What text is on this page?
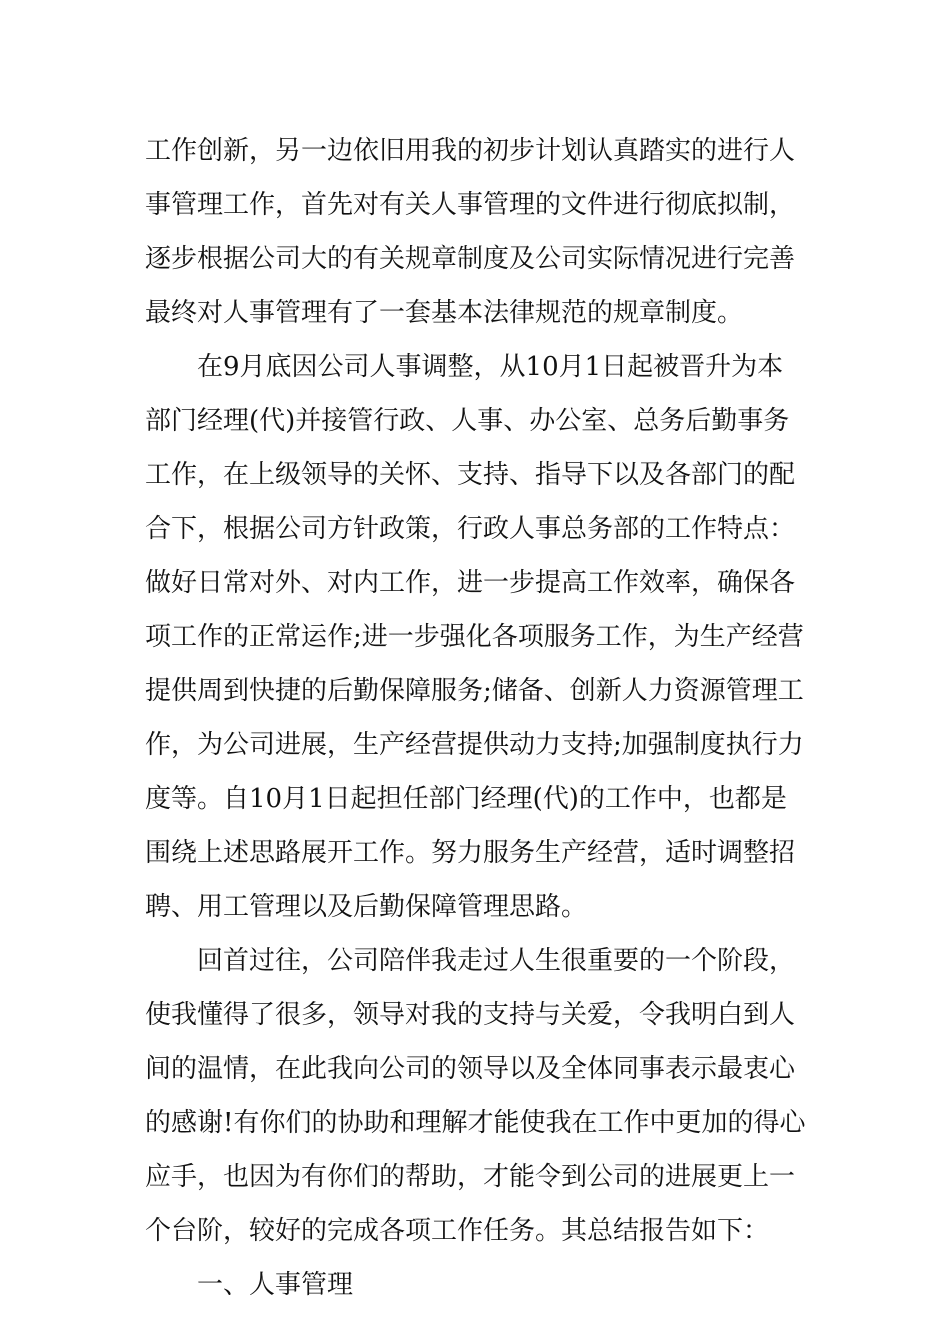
工作创新，另一边依旧用我的初步计划认真踏实的进行人
事管理工作，首先对有关人事管理的文件进行彻底拟制，
逐步根据公司大的有关规章制度及公司实际情况进行完善
最终对人事管理有了一套基本法律规范的规章制度。
在9月底因公司人事调整，从10月1日起被晋升为本
部门经理(代)并接管行政、人事、办公室、总务后勤事务
工作，在上级领导的关怀、支持、指导下以及各部门的配
合下，根据公司方针政策，行政人事总务部的工作特点：
做好日常对外、对内工作，进一步提高工作效率，确保各
项工作的正常运作;进一步强化各项服务工作，为生产经营
提供周到快捷的后勤保障服务;储备、创新人力资源管理工
作，为公司进展，生产经营提供动力支持;加强制度执行力
度等。自10月1日起担任部门经理(代)的工作中，也都是
围绕上述思路展开工作。努力服务生产经营，适时调整招
聘、用工管理以及后勤保障管理思路。
回首过往，公司陪伴我走过人生很重要的一个阶段，
使我懂得了很多，领导对我的支持与关爱，令我明白到人
间的温情，在此我向公司的领导以及全体同事表示最衷心
的感谢!有你们的协助和理解才能使我在工作中更加的得心
应手，也因为有你们的帮助，才能令到公司的进展更上一
个台阶，较好的完成各项工作任务。其总结报告如下：
一、人事管理
